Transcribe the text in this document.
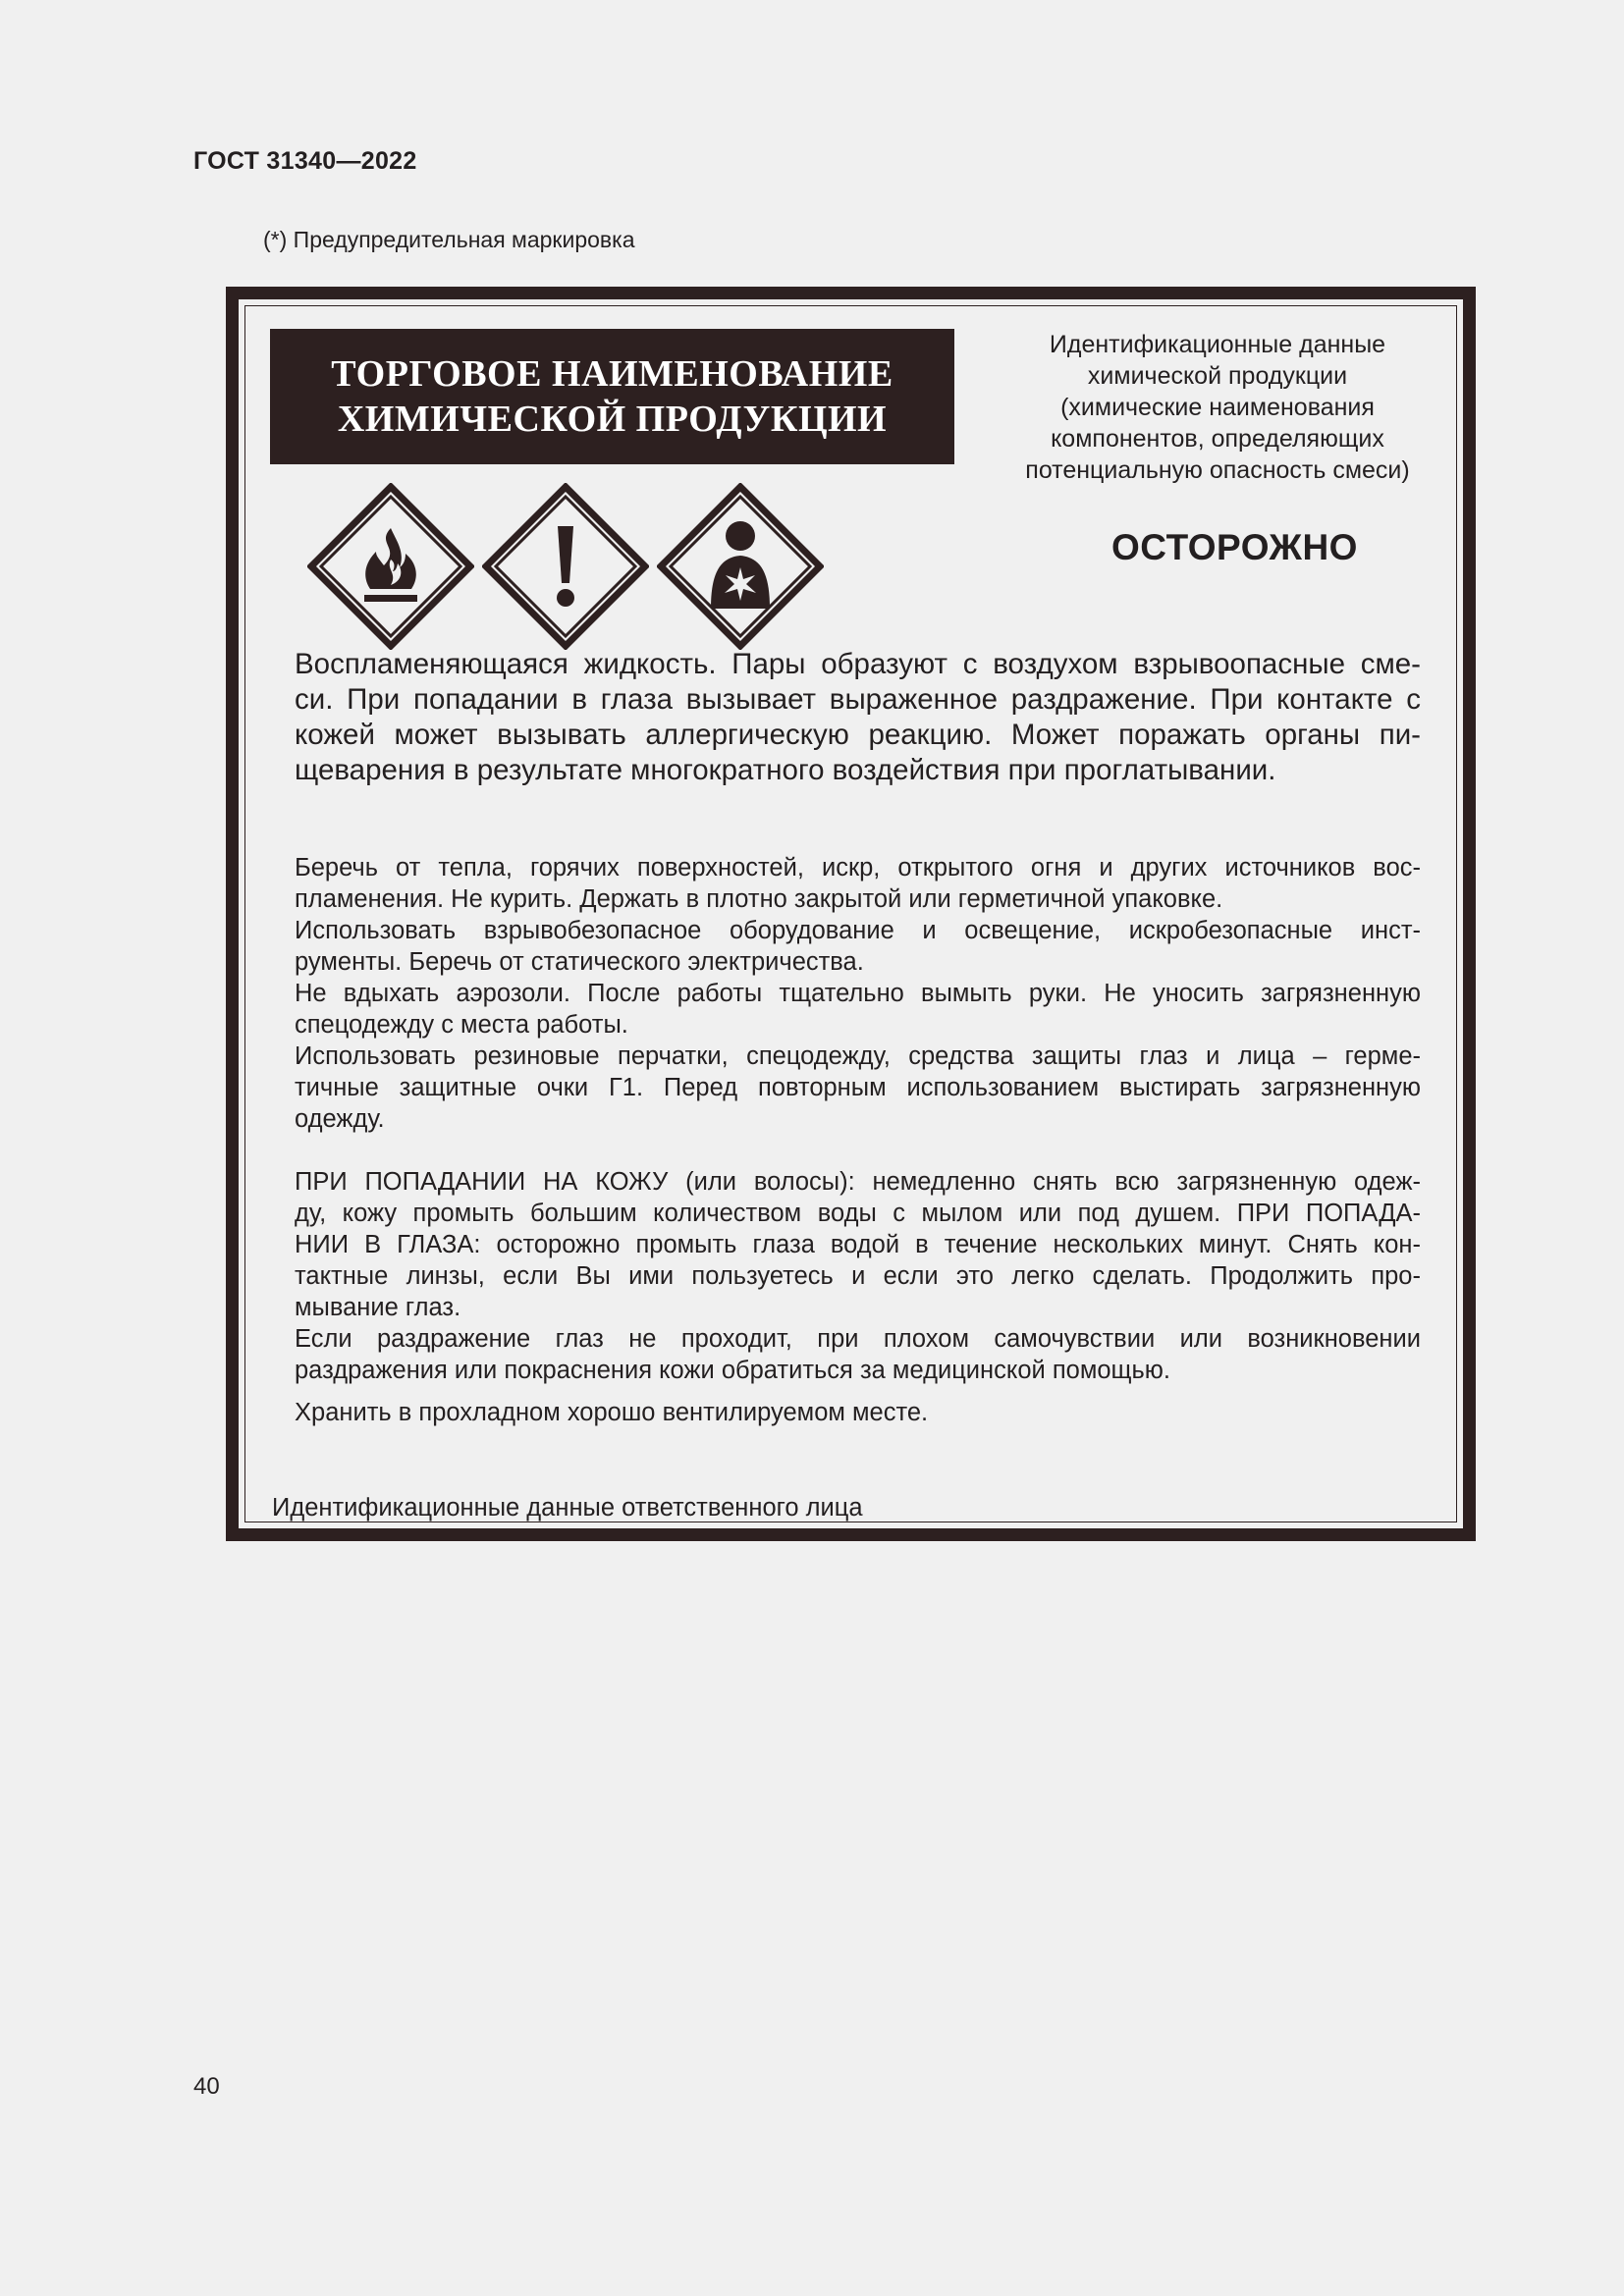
ГОСТ 31340—2022
(*) Предупредительная маркировка
ТОРГОВОЕ НАИМЕНОВАНИЕ
ХИМИЧЕСКОЙ ПРОДУКЦИИ
Идентификационные данные
химической продукции
(химические наименования
компонентов, определяющих
потенциальную опасность смеси)
ОСТОРОЖНО
Воспламеняющаяся жидкость. Пары образуют с воздухом взрывоопасные сме-
си. При попадании в глаза вызывает выраженное раздражение. При контакте с
кожей может вызывать аллергическую реакцию. Может поражать органы пи-
щеварения в результате многократного воздействия при проглатывании.
Беречь от тепла, горячих поверхностей, искр, открытого огня и других источников вос-
пламенения. Не курить. Держать в плотно закрытой или герметичной упаковке.
Использовать взрывобезопасное оборудование и освещение, искробезопасные инст-
рументы. Беречь от статического электричества.
Не вдыхать аэрозоли. После работы тщательно вымыть руки. Не уносить загрязненную
спецодежду с места работы.
Использовать резиновые перчатки, спецодежду, средства защиты глаз и лица – герме-
тичные защитные очки Г1. Перед повторным использованием выстирать загрязненную
одежду.
ПРИ ПОПАДАНИИ НА КОЖУ (или волосы): немедленно снять всю загрязненную одеж-
ду, кожу промыть большим количеством воды с мылом или под душем. ПРИ ПОПАДА-
НИИ В ГЛАЗА: осторожно промыть глаза водой в течение нескольких минут. Снять кон-
тактные линзы, если Вы ими пользуетесь и если это легко сделать. Продолжить про-
мывание глаз.
Если раздражение глаз не проходит, при плохом самочувствии или возникновении
раздражения или покраснения кожи обратиться за медицинской помощью.
Хранить в прохладном хорошо вентилируемом месте.
Идентификационные данные ответственного лица
40
